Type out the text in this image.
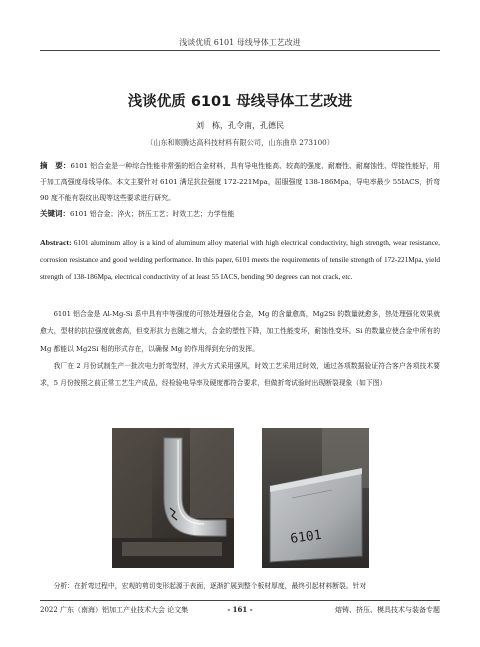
浅谈优质 6101 母线导体工艺改进
浅谈优质 6101 母线导体工艺改进
刘　栋，孔令南，孔德民
（山东和顺腾达高科技材料有限公司，山东曲阜 273100）
摘　要：6101 铝合金是一种综合性能非常强的铝合金材料，具有导电性能高、较高的强度、耐磨性、耐腐蚀性、焊接性能好，用于加工高强度母线导体。本文主要针对 6101 满足抗拉强度 172-221Mpa，屈服强度 138-186Mpa，导电率最少 55IACS，折弯 90 度不能有裂纹出现等这些要求进行研究。
关键词：6101 铝合金；淬火；挤压工艺；时效工艺；力学性能
Abstract: 6101 aluminum alloy is a kind of aluminum alloy material with high electrical conductivity, high strength, wear resistance, corrosion resistance and good welding performance. In this paper, 6101 meets the requirements of tensile strength of 172-221Mpa, yield strength of 138-186Mpa, electrical conductivity of at least 55 IACS, bending 90 degrees can not crack, etc.
6101 铝合金是 Al-Mg-Si 系中具有中等强度的可热处理强化合金，Mg 的含量愈高，Mg2Si 的数量就愈多，热处理强化效果就愈大，型材的抗拉强度就愈高，但变形抗力也随之增大，合金的塑性下降，加工性能变坏，耐蚀性变坏。Si 的数量应使合金中所有的 Mg 都能以 Mg2Si 相的形式存在，以确保 Mg 的作用得到充分的发挥。
我厂在 2 月份试制生产一批次电力折弯型材，淬火方式采用强风，时效工艺采用过时效，通过各项数据验证符合客户各项技术要求，5 月份按照之前正常工艺生产成品，经检验电导率及硬度都符合要求，但做折弯试验时出现断裂现象（如下图）
6101
分析：在折弯过程中，宏观的剪切变形起源于表面，逐渐扩展到整个板材厚度，最终引起材料断裂。针对
2022 广东（南海）铝加工产业技术大会 论文集	- 161 -	熔铸、挤压、模具技术与装备专题
